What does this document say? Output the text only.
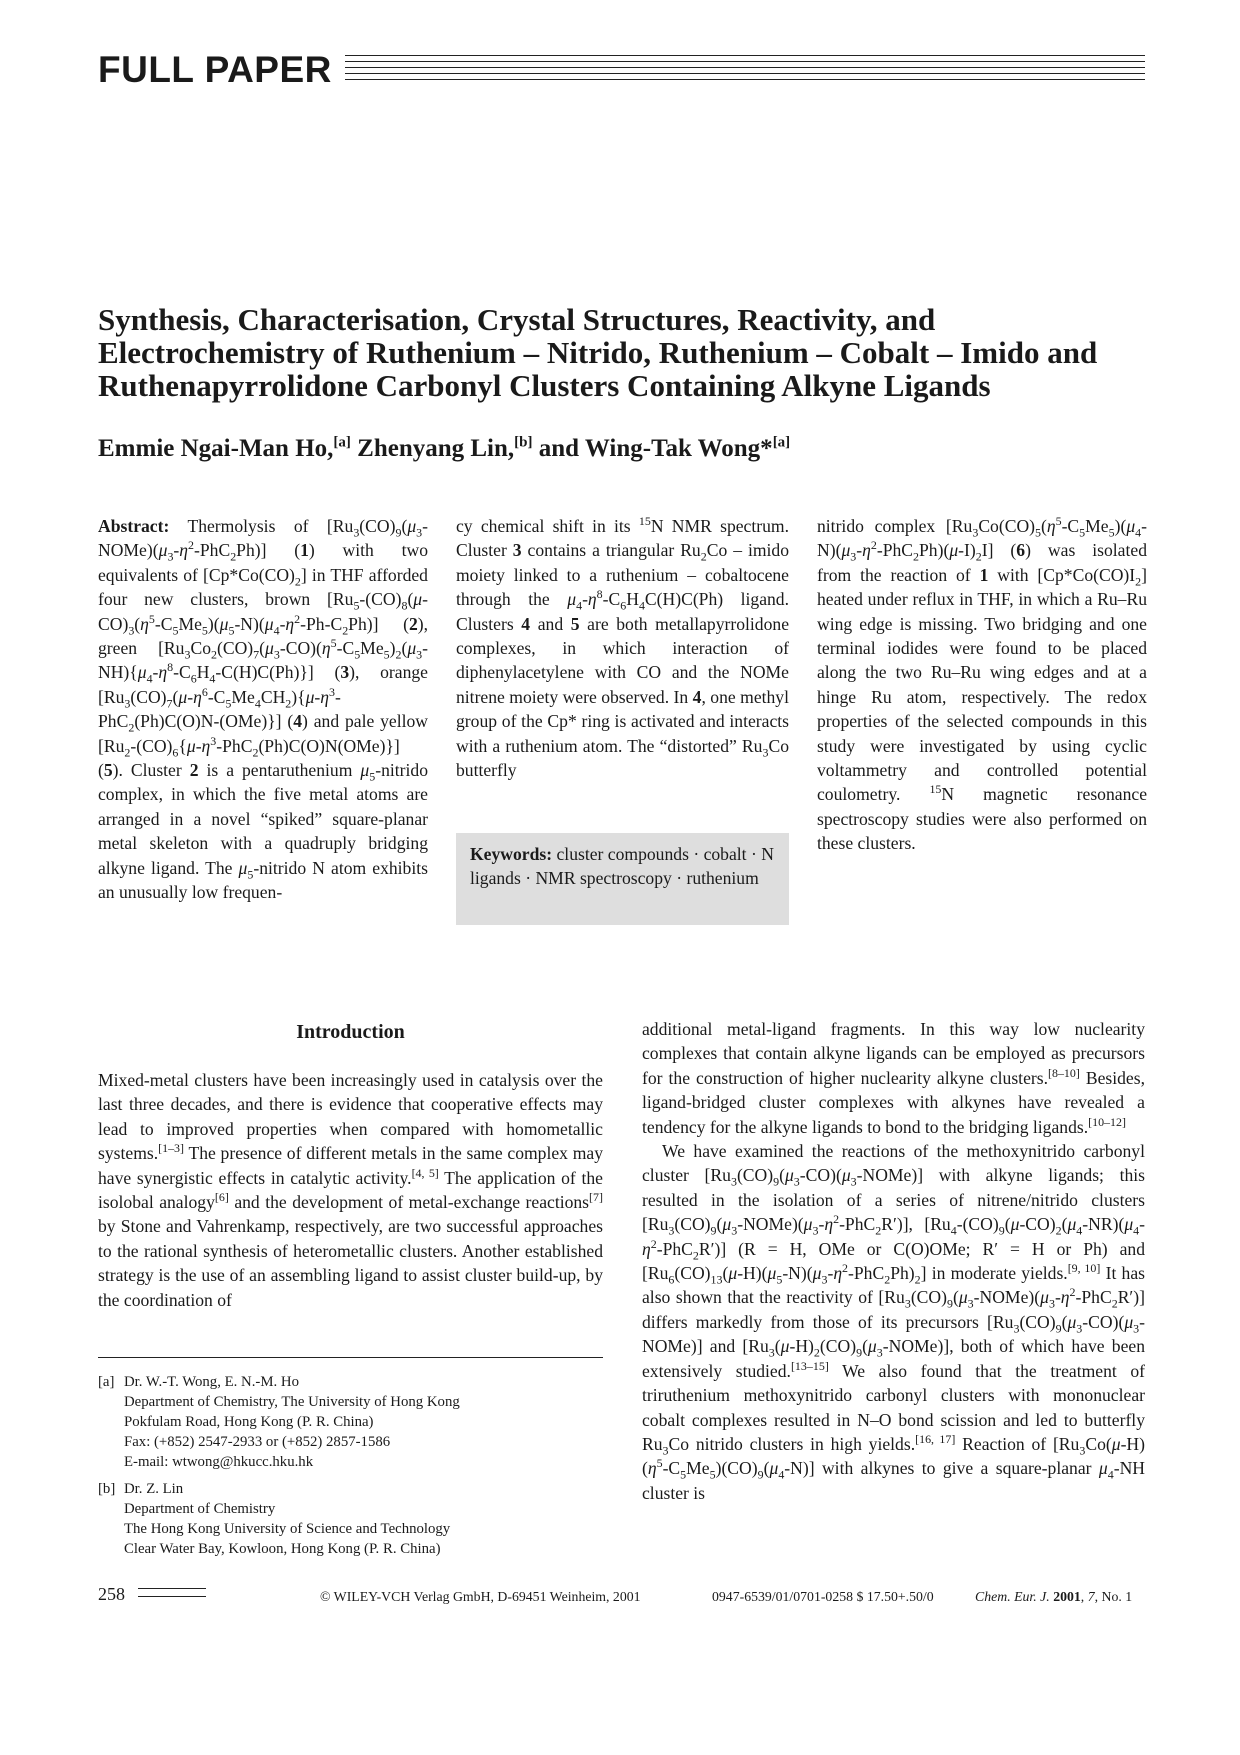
FULL PAPER
Synthesis, Characterisation, Crystal Structures, Reactivity, and
Electrochemistry of Ruthenium – Nitrido, Ruthenium – Cobalt – Imido and
Ruthenapyrrolidone Carbonyl Clusters Containing Alkyne Ligands

Emmie Ngai-Man Ho,[a] Zhenyang Lin,[b] and Wing-Tak Wong*[a]

Abstract: Thermolysis of $[Ru_3(CO)_9(\mu_3-NOMe)(\mu_3-\eta^2-PhC_2Ph)]$ (1) with two equivalents of $[Cp*Co(CO)_2]$ in THF afforded four new clusters, brown $[Ru_5-(CO)_8(\mu-CO)_3(\eta^5-C_5Me_5)(\mu_5-N)(\mu_4-\eta^2-Ph-C_2Ph)]$ (2), green $[Ru_3Co_2(CO)_7(\mu_3-CO)(\eta^5-C_5Me_5)_2(\mu_3-NH)\{\mu_4-\eta^8-C_6H_4-C(H)C(Ph)\}]$ (3), orange $[Ru_3(CO)_7(\mu-\eta^6-C_5Me_4CH_2)\{\mu-\eta^3-PhC_2(Ph)C(O)N-(OMe)\}]$ (4) and pale yellow $[Ru_2-(CO)_6\{\mu-\eta^3-PhC_2(Ph)C(O)N(OMe)\}]$ (5). Cluster 2 is a pentaruthenium $\mu_5$-nitrido complex, in which the five metal atoms are arranged in a novel “spiked” square-planar metal skeleton with a quadruply bridging alkyne ligand. The $\mu_5$-nitrido N atom exhibits an unusually low frequen-

cy chemical shift in its $^{15}$N NMR spectrum. Cluster 3 contains a triangular $Ru_2Co$ – imido moiety linked to a ruthenium – cobaltocene through the $\mu_4-\eta^8-C_6H_4C(H)C(Ph)$ ligand. Clusters 4 and 5 are both metallapyrrolidone complexes, in which interaction of diphenylacetylene with CO and the NOMe nitrene moiety were observed. In 4, one methyl group of the Cp* ring is activated and interacts with a ruthenium atom. The “distorted” $Ru_3Co$ butterfly

Keywords: cluster compounds · cobalt · N ligands · NMR spectroscopy · ruthenium

nitrido complex $[Ru_3Co(CO)_5(\eta^5-C_5Me_5)(\mu_4-N)(\mu_3-\eta^2-PhC_2Ph)(\mu-I)_2I]$ (6) was isolated from the reaction of 1 with $[Cp*Co(CO)I_2]$ heated under reflux in THF, in which a Ru–Ru wing edge is missing. Two bridging and one terminal iodides were found to be placed along the two Ru–Ru wing edges and at a hinge Ru atom, respectively. The redox properties of the selected compounds in this study were investigated by using cyclic voltammetry and controlled potential coulometry. $^{15}$N magnetic resonance spectroscopy studies were also performed on these clusters.

Introduction

Mixed-metal clusters have been increasingly used in catalysis over the last three decades, and there is evidence that cooperative effects may lead to improved properties when compared with homometallic systems.[1–3] The presence of different metals in the same complex may have synergistic effects in catalytic activity.[4, 5] The application of the isolobal analogy[6] and the development of metal-exchange reactions[7] by Stone and Vahrenkamp, respectively, are two successful approaches to the rational synthesis of heterometallic clusters. Another established strategy is the use of an assembling ligand to assist cluster build-up, by the coordination of

[a] Dr. W.-T. Wong, E. N.-M. Ho
Department of Chemistry, The University of Hong Kong
Pokfulam Road, Hong Kong (P. R. China)
Fax: (+852) 2547-2933 or (+852) 2857-1586
E-mail: wtwong@hkucc.hku.hk
[b] Dr. Z. Lin
Department of Chemistry
The Hong Kong University of Science and Technology
Clear Water Bay, Kowloon, Hong Kong (P. R. China)

additional metal-ligand fragments. In this way low nuclearity complexes that contain alkyne ligands can be employed as precursors for the construction of higher nuclearity alkyne clusters.[8–10] Besides, ligand-bridged cluster complexes with alkynes have revealed a tendency for the alkyne ligands to bond to the bridging ligands.[10–12]

We have examined the reactions of the methoxynitrido carbonyl cluster $[Ru_3(CO)_9(\mu_3-CO)(\mu_3-NOMe)]$ with alkyne ligands; this resulted in the isolation of a series of nitrene/nitrido clusters $[Ru_3(CO)_9(\mu_3-NOMe)(\mu_3-\eta^2-PhC_2R')]$, $[Ru_4-(CO)_9(\mu-CO)_2(\mu_4-NR)(\mu_4-\eta^2-PhC_2R')] (R = H$, OMe or C(O)OMe; R′ = H or Ph) and $[Ru_6(CO)_{13}(\mu-H)(\mu_5-N)(\mu_3-\eta^2-PhC_2Ph)_2]$ in moderate yields.[9, 10] It has also shown that the reactivity of $[Ru_3(CO)_9(\mu_3-NOMe)(\mu_3-\eta^2-PhC_2R')]$ differs markedly from those of its precursors $[Ru_3(CO)_9(\mu_3-CO)(\mu_3-NOMe)]$ and $[Ru_3(\mu-H)_2(CO)_9(\mu_3-NOMe)]$, both of which have been extensively studied.[13–15] We also found that the treatment of triruthenium methoxynitrido carbonyl clusters with mononuclear cobalt complexes resulted in N–O bond scission and led to butterfly $Ru_3Co$ nitrido clusters in high yields.[16, 17] Reaction of $[Ru_3Co(\mu-H)(\eta^5-C_5Me_5)(CO)_9(\mu_4-N)]$ with alkynes to give a square-planar $\mu_4-NH$ cluster is

258	© WILEY-VCH Verlag GmbH, D-69451 Weinheim, 2001	0947-6539/01/0701-0258 $ 17.50+.50/0	Chem. Eur. J. 2001, 7, No. 1
